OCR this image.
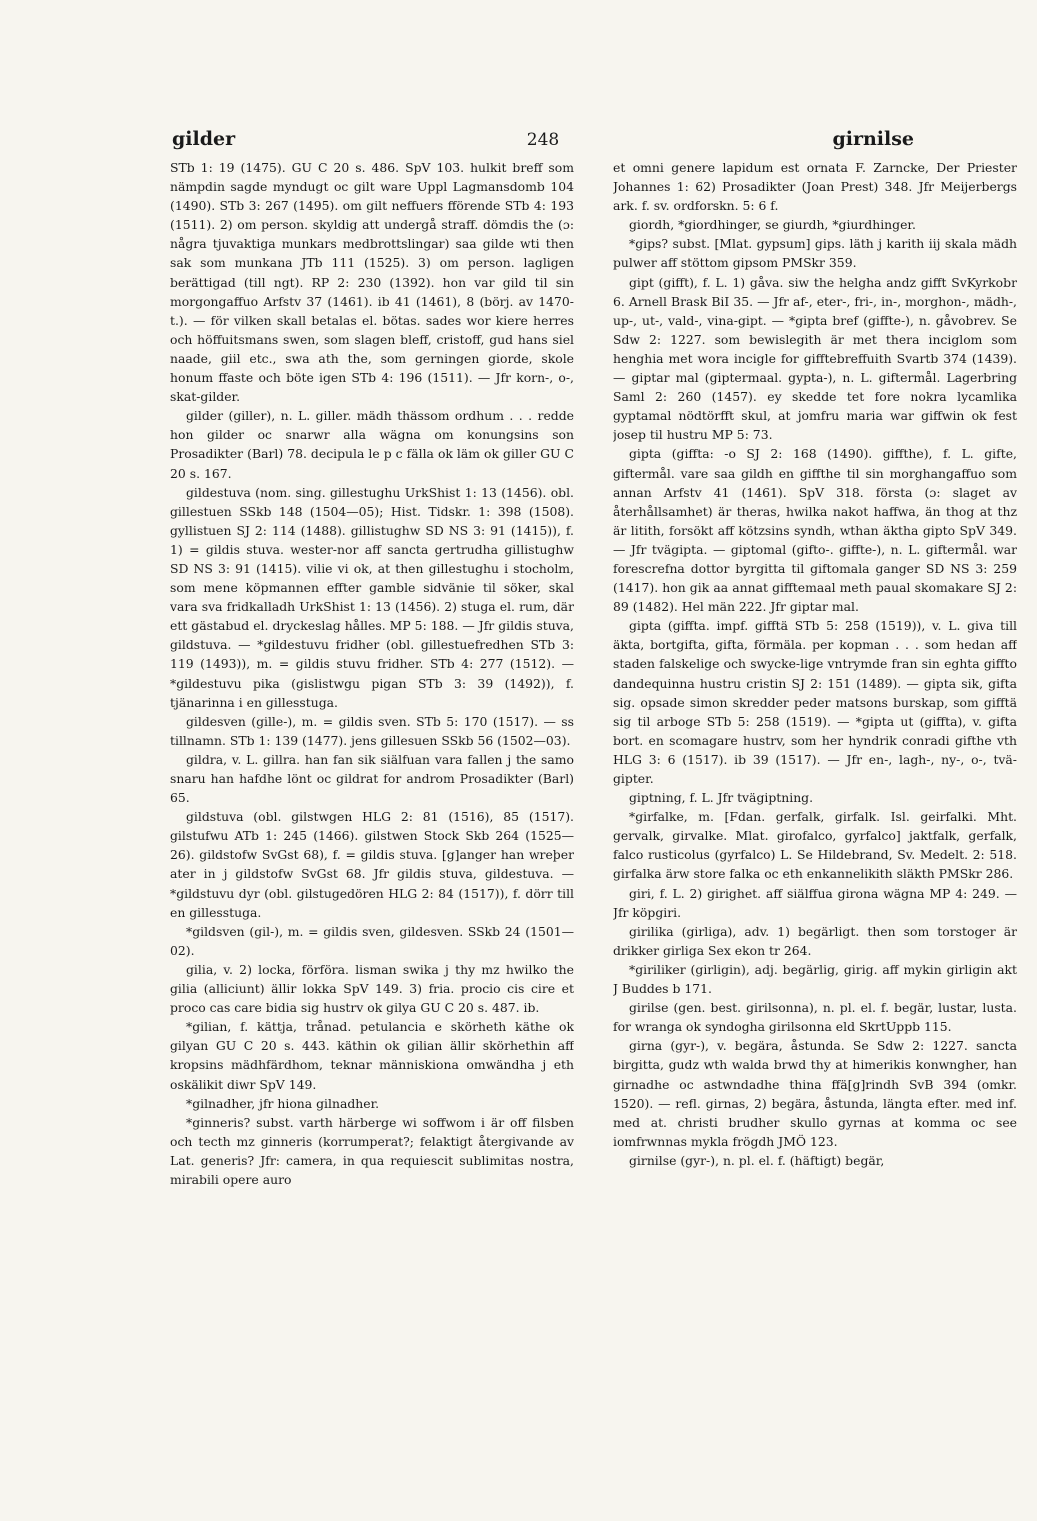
gilder	248	girnilse

STb 1: 19 (1475). GU C 20 s. 486. SpV 103. hulkit breff som nämpdin sagde myndugt oc gilt ware Uppl Lagmansdomb 104 (1490). STb 3: 267 (1495). om gilt neffuers fförende STb 4: 193 (1511). 2) om person. skyldig att undergå straff. dömdis the (ɔ: några tjuvaktiga munkars medbrottslingar) saa gilde wti then sak som munkana JTb 111 (1525). 3) om person. lagligen berättigad (till ngt). RP 2: 230 (1392). hon var gild til sin morgongaffuo Arfstv 37 (1461). ib 41 (1461), 8 (börj. av 1470-t.). — för vilken skall betalas el. bötas. sades wor kiere herres och höffuitsmans swen, som slagen bleff, cristoff, gud hans siel naade, giil etc., swa ath the, som gerningen giorde, skole honum ffaste och böte igen STb 4: 196 (1511). — Jfr korn-, o-, skat-gilder.

gilder (giller), n. L. giller. mädh thässom ordhum . . . redde hon gilder oc snarwr alla wägna om konungsins son Prosadikter (Barl) 78. decipula le p c fälla ok läm ok giller GU C 20 s. 167.

gildestuva (nom. sing. gillestughu UrkShist 1: 13 (1456). obl. gillestuen SSkb 148 (1504—05); Hist. Tidskr. 1: 398 (1508). gyllistuen SJ 2: 114 (1488). gillistughw SD NS 3: 91 (1415)), f. 1) = gildis stuva. wester-nor aff sancta gertrudha gillistughw SD NS 3: 91 (1415). vilie vi ok, at then gillestughu i stocholm, som mene köpmannen effter gamble sidvänie til söker, skal vara sva fridkalladh UrkShist 1: 13 (1456). 2) stuga el. rum, där ett gästabud el. dryckeslag hålles. MP 5: 188. — Jfr gildis stuva, gildstuva. — *gildestuvu fridher (obl. gillestuefredhen STb 3: 119 (1493)), m. = gildis stuvu fridher. STb 4: 277 (1512). — *gildestuvu pika (gislistwgu pigan STb 3: 39 (1492)), f. tjänarinna i en gillesstuga.

gildesven (gille-), m. = gildis sven. STb 5: 170 (1517). — ss tillnamn. STb 1: 139 (1477). jens gillesuen SSkb 56 (1502—03).

gildra, v. L. gillra. han fan sik siälfuan vara fallen j the samo snaru han hafdhe lönt oc gildrat for androm Prosadikter (Barl) 65.

gildstuva (obl. gilstwgen HLG 2: 81 (1516), 85 (1517). gilstufwu ATb 1: 245 (1466). gilstwen Stock Skb 264 (1525—26). gildstofw SvGst 68), f. = gildis stuva. [g]anger han wreþer ater in j gildstofw SvGst 68. Jfr gildis stuva, gildestuva. — *gildstuvu dyr (obl. gilstugedören HLG 2: 84 (1517)), f. dörr till en gillesstuga.

*gildsven (gil-), m. = gildis sven, gildesven. SSkb 24 (1501—02).

gilia, v. 2) locka, förföra. lisman swika j thy mz hwilko the gilia (alliciunt) ällir lokka SpV 149. 3) fria. procio cis cire et proco cas care bidia sig hustrv ok gilya GU C 20 s. 487. ib.

*gilian, f. kättja, trånad. petulancia e skörheth käthe ok gilyan GU C 20 s. 443. käthin ok gilian ällir skörhethin aff kropsins mädhfärdhom, teknar människiona omwändha j eth oskälikit diwr SpV 149.

*gilnadher, jfr hiona gilnadher.

*ginneris? subst. varth härberge wi soffwom i är off filsben och tecth mz ginneris (korrumperat?; felaktigt återgivande av Lat. generis? Jfr: camera, in qua requiescit sublimitas nostra, mirabili opere auro

et omni genere lapidum est ornata F. Zarncke, Der Priester Johannes 1: 62) Prosadikter (Joan Prest) 348. Jfr Meijerbergs ark. f. sv. ordforskn. 5: 6 f.

giordh, *giordhinger, se giurdh, *giurdhinger.

*gips? subst. [Mlat. gypsum] gips. läth j karith iij skala mädh pulwer aff stöttom gipsom PMSkr 359.

gipt (gifft), f. L. 1) gåva. siw the helgha andz gifft SvKyrkobr 6. Arnell Brask BiI 35. — Jfr af-, eter-, fri-, in-, morghon-, mädh-, up-, ut-, vald-, vina-gipt. — *gipta bref (giffte-), n. gåvobrev. Se Sdw 2: 1227. som bewislegith är met thera inciglom som henghia met wora incigle for gifftebreffuith Svartb 374 (1439). — giptar mal (giptermaal. gypta-), n. L. giftermål. Lagerbring Saml 2: 260 (1457). ey skedde tet fore nokra lycamlika gyptamal nödtörfft skul, at jomfru maria war giffwin ok fest josep til hustru MP 5: 73.

gipta (giffta: -o SJ 2: 168 (1490). giffthe), f. L. gifte, giftermål. vare saa gildh en giffthe til sin morghangaffuo som annan Arfstv 41 (1461). SpV 318. första (ɔ: slaget av återhållsamhet) är theras, hwilka nakot haffwa, än thog at thz är litith, forsökt aff kötzsins syndh, wthan äktha gipto SpV 349. — Jfr tvägipta. — giptomal (gifto-. giffte-), n. L. giftermål. war forescrefna dottor byrgitta til giftomala ganger SD NS 3: 259 (1417). hon gik aa annat gifftemaal meth paual skomakare SJ 2: 89 (1482). Hel män 222. Jfr giptar mal.

gipta (giffta. impf. gifftä STb 5: 258 (1519)), v. L. giva till äkta, bortgifta, gifta, förmäla. per kopman . . . som hedan aff staden falskelige och swycke-lige vntrymde fran sin eghta giffto dandequinna hustru cristin SJ 2: 151 (1489). — gipta sik, gifta sig. opsade simon skredder peder matsons burskap, som gifftä sig til arboge STb 5: 258 (1519). — *gipta ut (giffta), v. gifta bort. en scomagare hustrv, som her hyndrik conradi gifthe vth HLG 3: 6 (1517). ib 39 (1517). — Jfr en-, lagh-, ny-, o-, tvä-gipter.

giptning, f. L. Jfr tvägiptning.

*girfalke, m. [Fdan. gerfalk, girfalk. Isl. geirfalki. Mht. gervalk, girvalke. Mlat. girofalco, gyrfalco] jaktfalk, gerfalk, falco rusticolus (gyrfalco) L. Se Hildebrand, Sv. Medelt. 2: 518. girfalka ärw store falka oc eth enkannelikith släkth PMSkr 286.

giri, f. L. 2) girighet. aff siälffua girona wägna MP 4: 249. — Jfr köpgiri.

girilika (girliga), adv. 1) begärligt. then som torstoger är drikker girliga Sex ekon tr 264.

*giriliker (girligin), adj. begärlig, girig. aff mykin girligin akt J Buddes b 171.

girilse (gen. best. girilsonna), n. pl. el. f. begär, lustar, lusta. for wranga ok syndogha girilsonna eld SkrtUppb 115.

girna (gyr-), v. begära, åstunda. Se Sdw 2: 1227. sancta birgitta, gudz wth walda brwd thy at himerikis konwngher, han girnadhe oc astwndadhe thina ffä[g]rindh SvB 394 (omkr. 1520). — refl. girnas, 2) begära, åstunda, längta efter. med inf. med at. christi brudher skullo gyrnas at komma oc see iomfrwnnas mykla frögdh JMÖ 123.

girnilse (gyr-), n. pl. el. f. (häftigt) begär,
